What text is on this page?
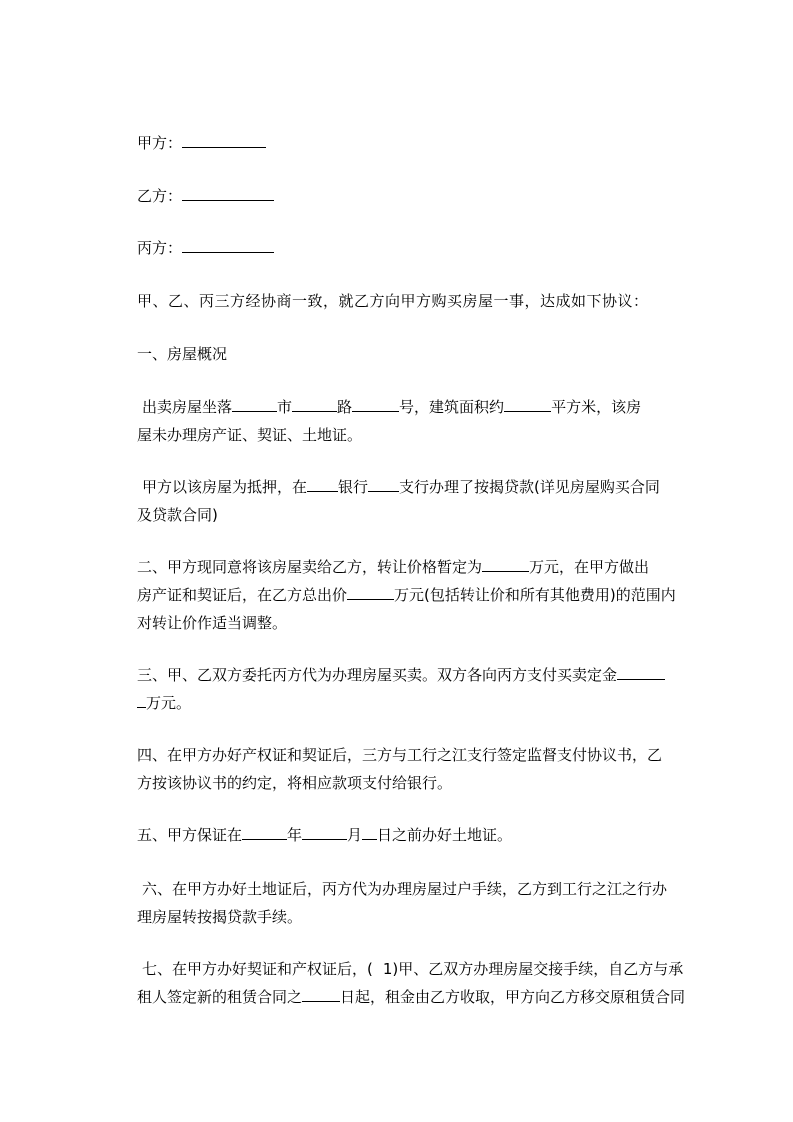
甲方：
乙方：
丙方：
甲、乙、丙三方经协商一致，就乙方向甲方购买房屋一事，达成如下协议：
一、房屋概况
出卖房屋坐落	市	路	号，建筑面积约	平方米，该房
屋未办理房产证、契证、土地证。
甲方以该房屋为抵押，在 银行 支行办理了按揭贷款(详见房屋购买合同
及贷款合同)
二、甲方现同意将该房屋卖给乙方，转让价格暂定为	万元，在甲方做出
房产证和契证后，在乙方总出价	万元(包括转让价和所有其他费用)的范围内
对转让价作适当调整。
三、甲、乙双方委托丙方代为办理房屋买卖。双方各向丙方支付买卖定金
万元。
四、在甲方办好产权证和契证后，三方与工行之江支行签定监督支付协议书，乙
方按该协议书的约定，将相应款项支付给银行。
五、甲方保证在	年	月 日之前办好土地证。
六、在甲方办好土地证后，丙方代为办理房屋过户手续，乙方到工行之江之行办
理房屋转按揭贷款手续。
七、在甲方办好契证和产权证后，( 1)甲、乙双方办理房屋交接手续，自乙方与承
租人签定新的租赁合同之	日起，租金由乙方收取，甲方向乙方移交原租赁合同
